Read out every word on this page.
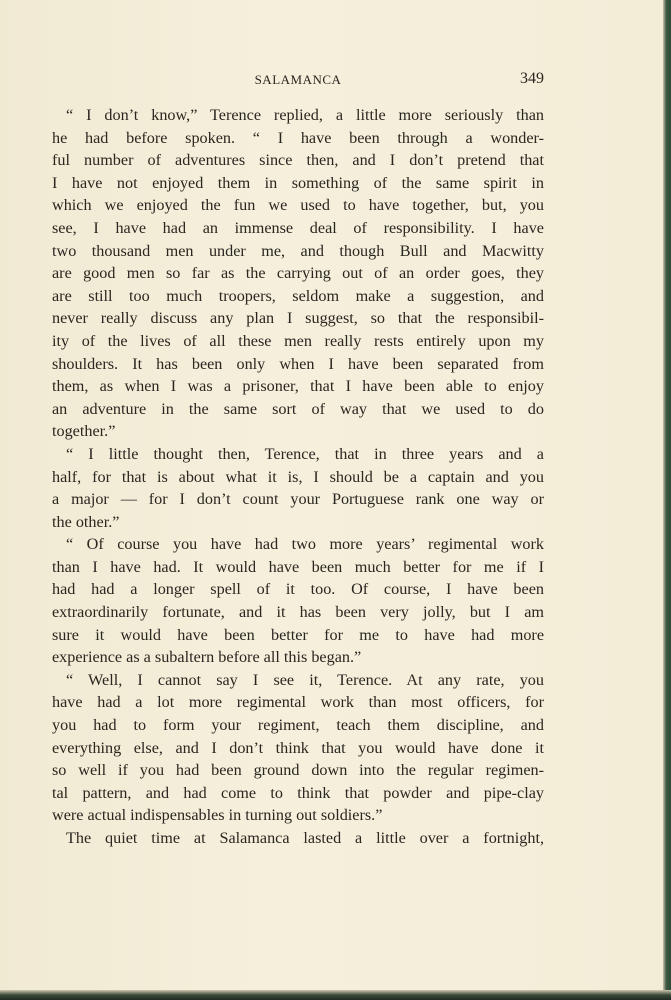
SALAMANCA	349
“ I don’t know,” Terence replied, a little more seriously than
he had before spoken. “ I have been through a wonder-
ful number of adventures since then, and I don’t pretend that
I have not enjoyed them in something of the same spirit in
which we enjoyed the fun we used to have together, but, you
see, I have had an immense deal of responsibility. I have
two thousand men under me, and though Bull and Macwitty
are good men so far as the carrying out of an order goes, they
are still too much troopers, seldom make a suggestion, and
never really discuss any plan I suggest, so that the responsibil-
ity of the lives of all these men really rests entirely upon my
shoulders. It has been only when I have been separated from
them, as when I was a prisoner, that I have been able to enjoy
an adventure in the same sort of way that we used to do
together.”
“ I little thought then, Terence, that in three years and a
half, for that is about what it is, I should be a captain and you
a major — for I don’t count your Portuguese rank one way or
the other.”
“ Of course you have had two more years’ regimental work
than I have had. It would have been much better for me if I
had had a longer spell of it too. Of course, I have been
extraordinarily fortunate, and it has been very jolly, but I am
sure it would have been better for me to have had more
experience as a subaltern before all this began.”
“ Well, I cannot say I see it, Terence. At any rate, you
have had a lot more regimental work than most officers, for
you had to form your regiment, teach them discipline, and
everything else, and I don’t think that you would have done it
so well if you had been ground down into the regular regimen-
tal pattern, and had come to think that powder and pipe-clay
were actual indispensables in turning out soldiers.”
The quiet time at Salamanca lasted a little over a fortnight,
